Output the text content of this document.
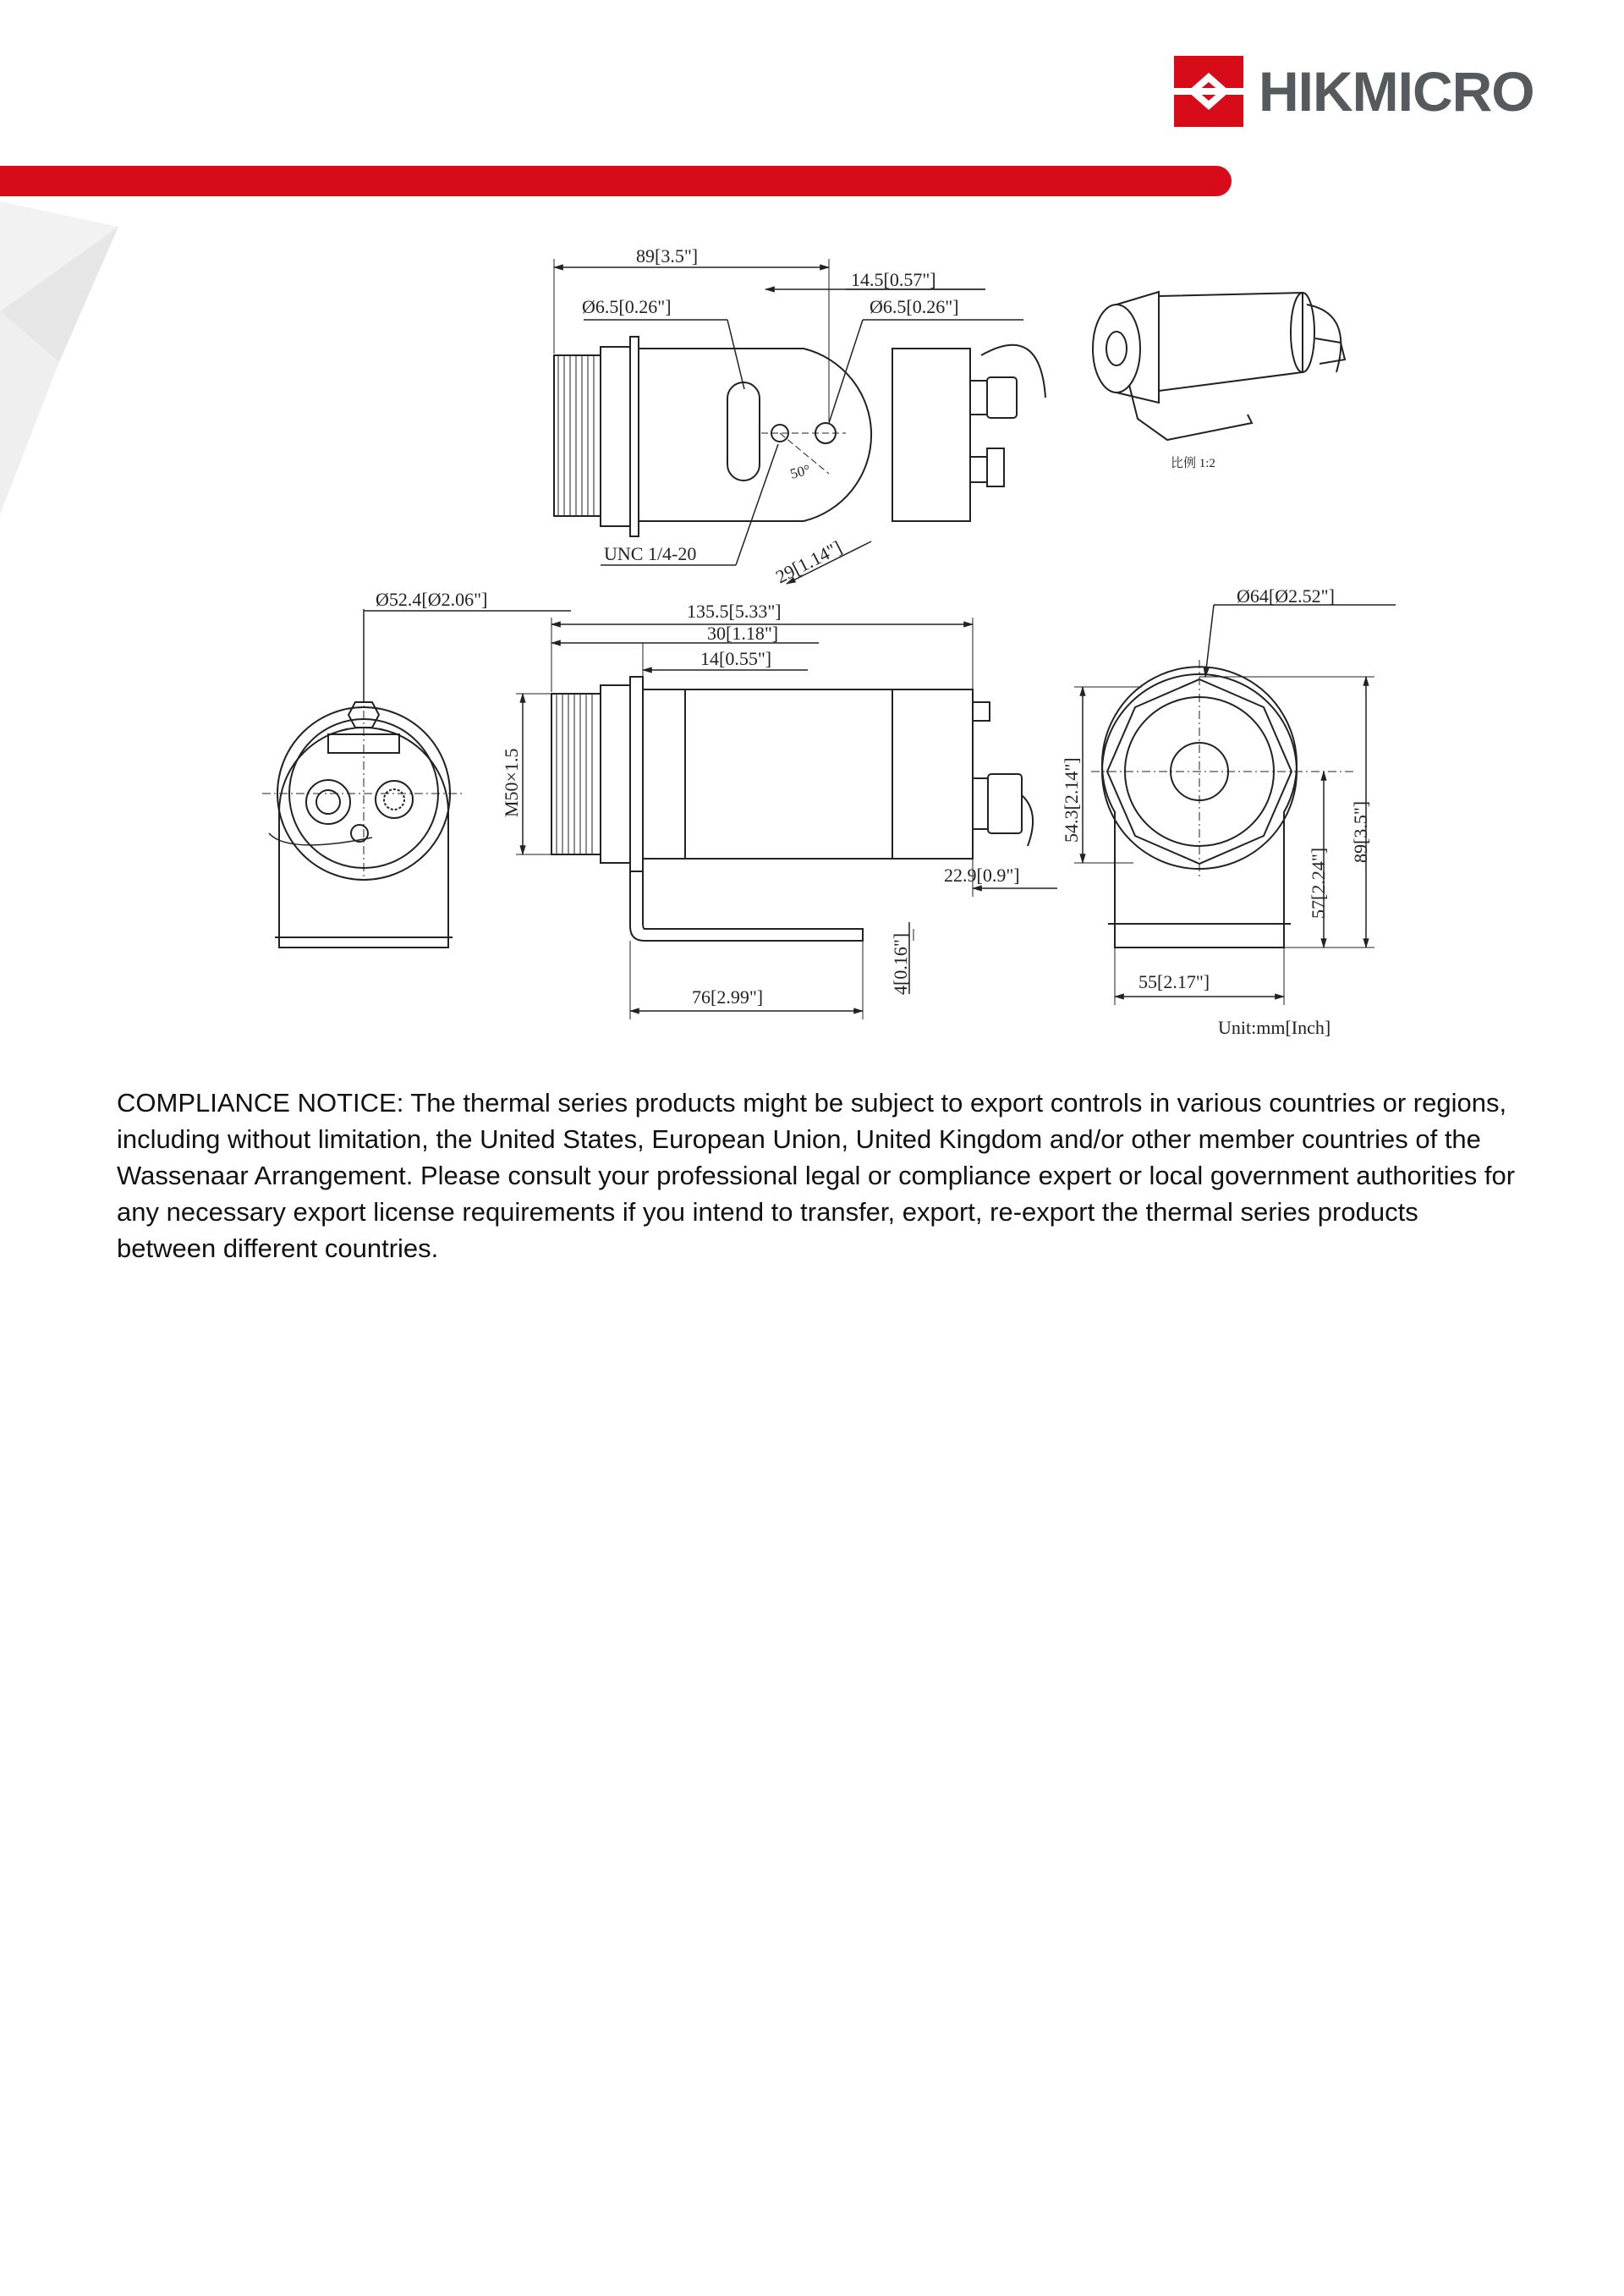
HIKMICRO
89[3.5"]
14.5[0.57"]
Ø6.5[0.26"]	Ø6.5[0.26"]
50°
UNC 1/4-20	29[1.14"]
比例 1:2
Ø52.4[Ø2.06"]
135.5[5.33"]
30[1.18"]
14[0.55"]
M50×1.5
22.9[0.9"]
4[0.16"]
76[2.99"]
Ø64[Ø2.52"]
54.3[2.14"]
57[2.24"]
89[3.5"]
55[2.17"]
Unit:mm[Inch]

COMPLIANCE NOTICE: The thermal series products might be subject to export controls in various countries or regions, including without limitation, the United States, European Union, United Kingdom and/or other member countries of the Wassenaar Arrangement. Please consult your professional legal or compliance expert or local government authorities for any necessary export license requirements if you intend to transfer, export, re-export the thermal series products between different countries.
